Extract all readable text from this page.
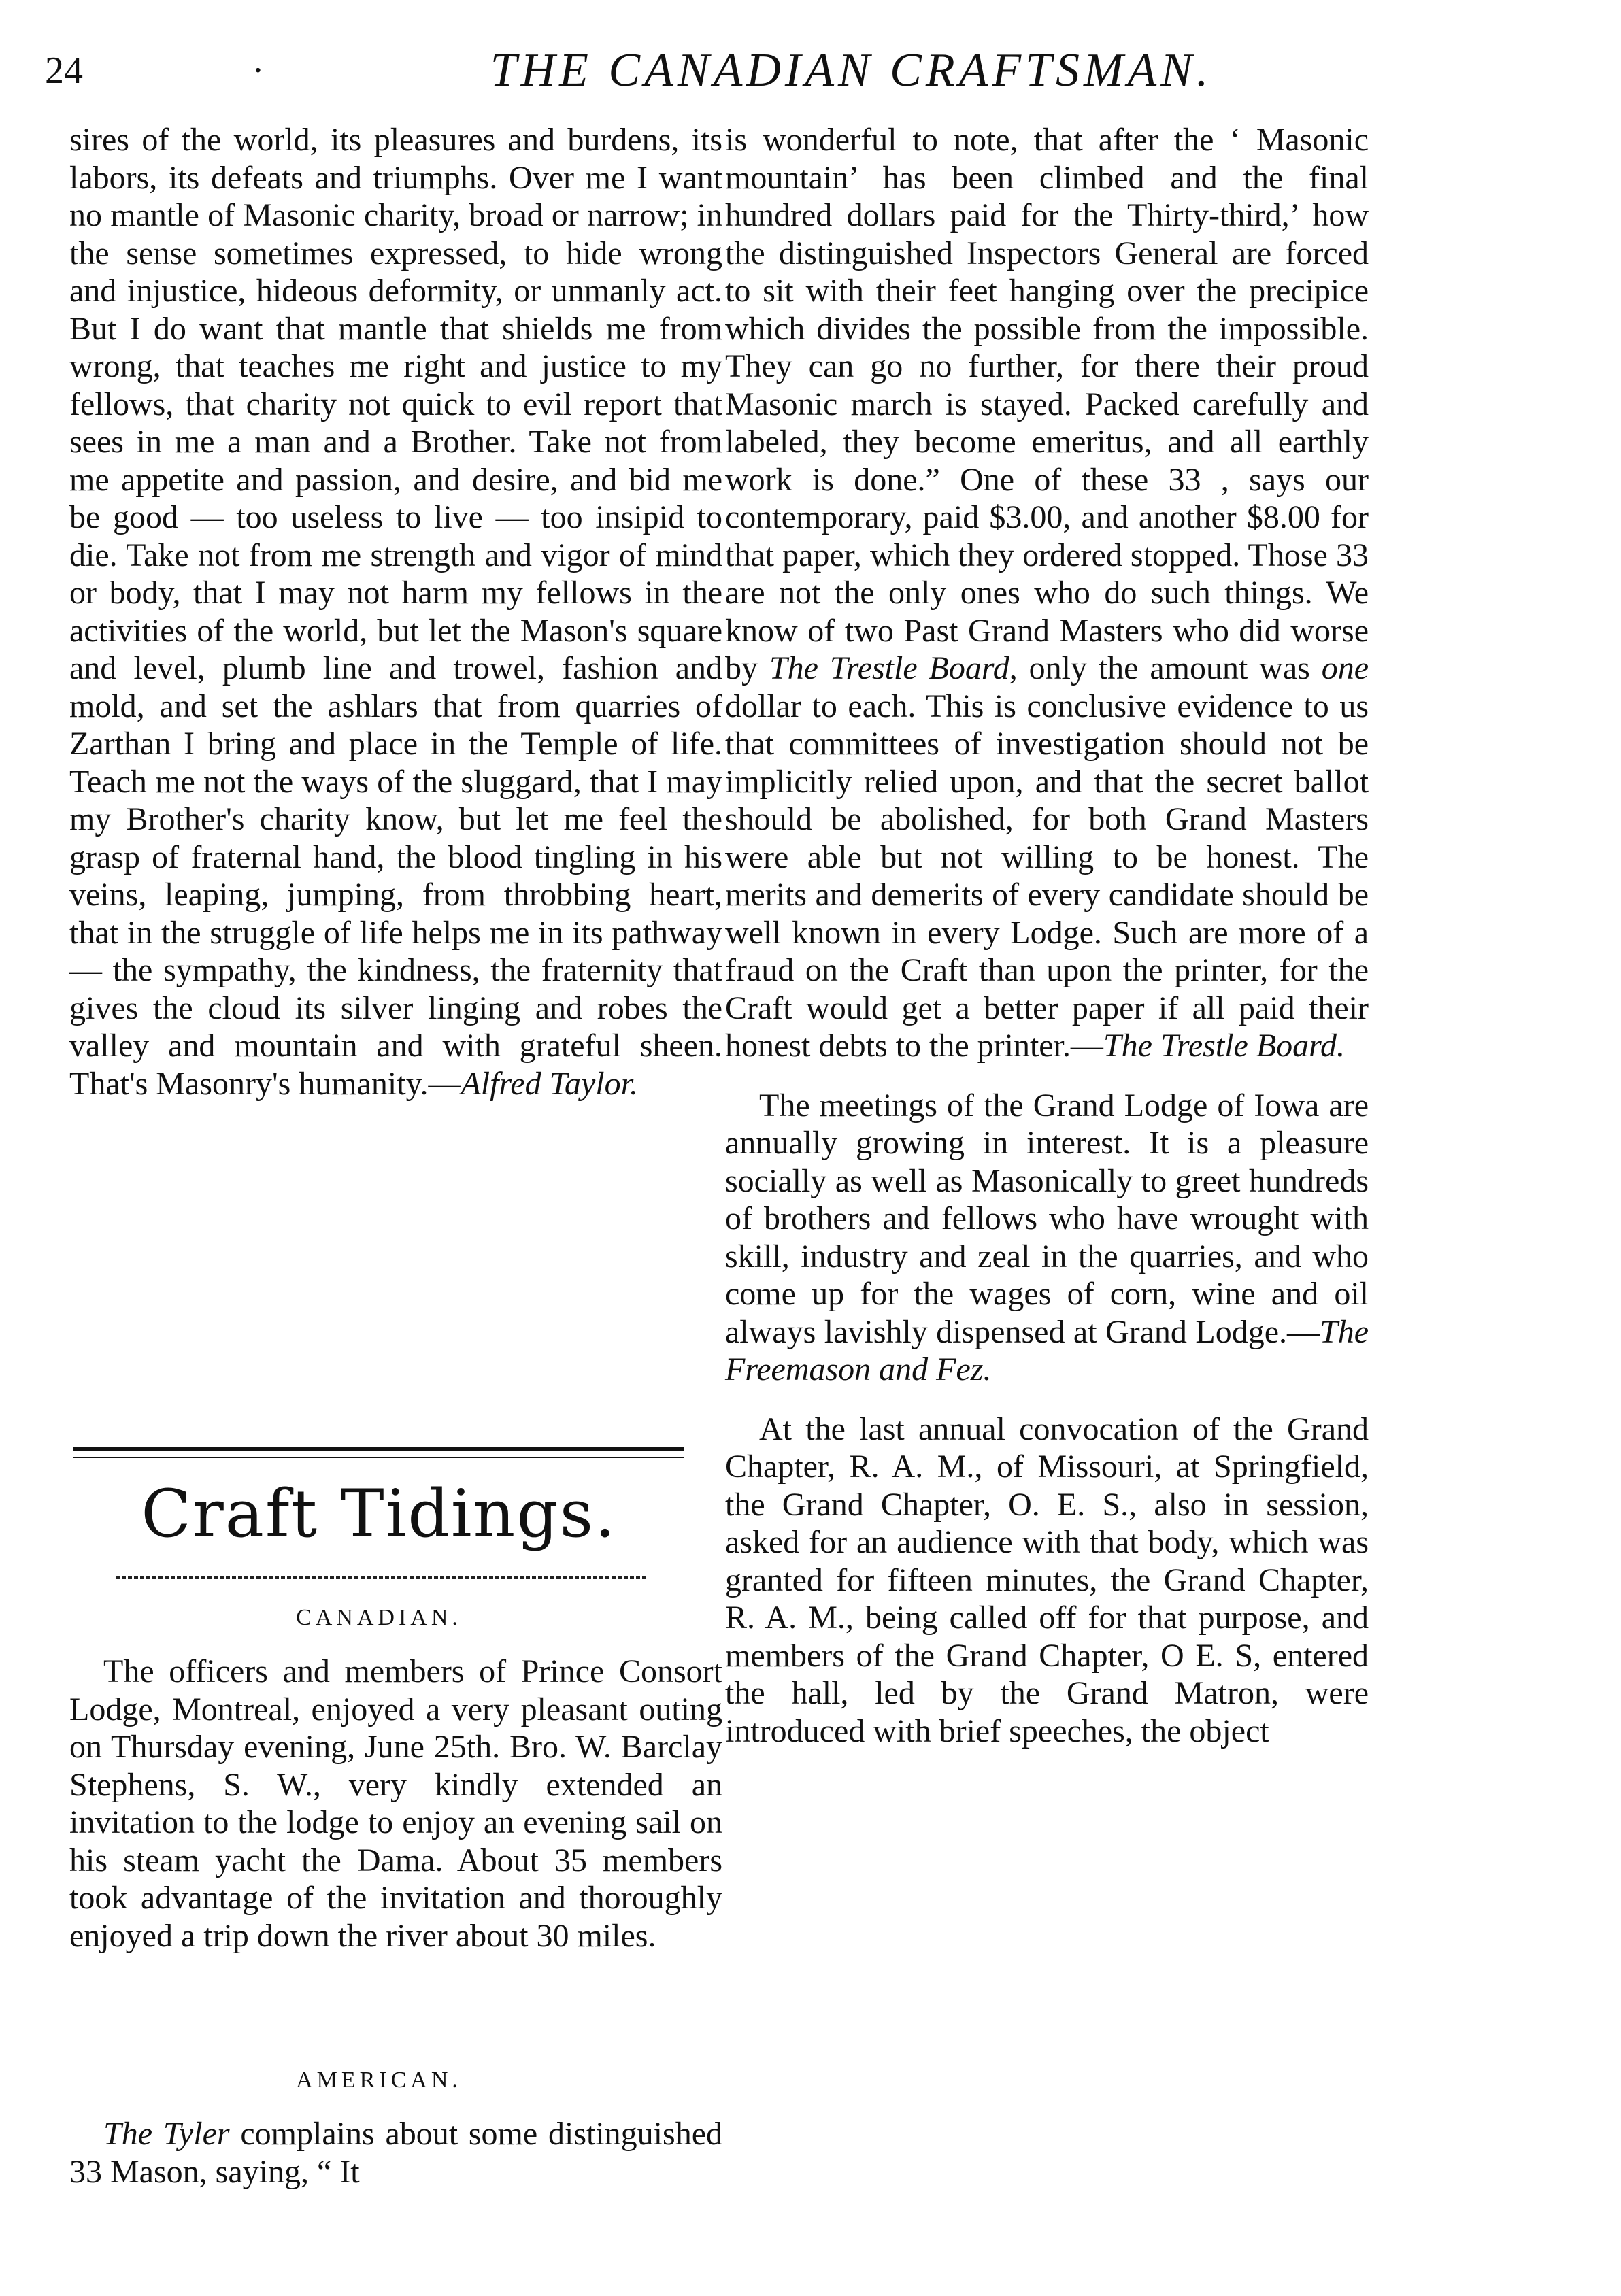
24	·	THE CANADIAN CRAFTSMAN.

sires of the world, its pleasures and burdens, its labors, its defeats and triumphs. Over me I want no mantle of Masonic charity, broad or narrow; in the sense sometimes expressed, to hide wrong and injustice, hideous deformity, or unmanly act. But I do want that mantle that shields me from wrong, that teaches me right and justice to my fellows, that charity not quick to evil report that sees in me a man and a Brother. Take not from me appetite and passion, and desire, and bid me be good — too useless to live — too insipid to die. Take not from me strength and vigor of mind or body, that I may not harm my fellows in the activities of the world, but let the Mason's square and level, plumb line and trowel, fashion and mold, and set the ashlars that from quarries of Zarthan I bring and place in the Temple of life. Teach me not the ways of the sluggard, that I may my Brother's charity know, but let me feel the grasp of fraternal hand, the blood tingling in his veins, leaping, jumping, from throbbing heart, that in the struggle of life helps me in its pathway — the sympathy, the kindness, the fraternity that gives the cloud its silver linging and robes the valley and mountain and with grateful sheen. That's Masonry's humanity.—Alfred Taylor.

Craft Tidings.
CANADIAN.

The officers and members of Prince Consort Lodge, Montreal, enjoyed a very pleasant outing on Thursday evening, June 25th. Bro. W. Barclay Stephens, S. W., very kindly extended an invitation to the lodge to enjoy an evening sail on his steam yacht the Dama. About 35 members took advantage of the invitation and thoroughly enjoyed a trip down the river about 30 miles.

AMERICAN.

The Tyler complains about some distinguished 33 Mason, saying, “ It

is wonderful to note, that after the ‘ Masonic mountain’ has been climbed and the final hundred dollars paid for the Thirty-third,’ how the distinguished Inspectors General are forced to sit with their feet hanging over the precipice which divides the possible from the impossible. They can go no further, for there their proud Masonic march is stayed. Packed carefully and labeled, they become emeritus, and all earthly work is done.” One of these 33 , says our contemporary, paid $3.00, and another $8.00 for that paper, which they ordered stopped. Those 33 are not the only ones who do such things. We know of two Past Grand Masters who did worse by The Trestle Board, only the amount was one dollar to each. This is conclusive evidence to us that committees of investigation should not be implicitly relied upon, and that the secret ballot should be abolished, for both Grand Masters were able but not willing to be honest. The merits and demerits of every candidate should be well known in every Lodge. Such are more of a fraud on the Craft than upon the printer, for the Craft would get a better paper if all paid their honest debts to the printer.—The Trestle Board.

The meetings of the Grand Lodge of Iowa are annually growing in interest. It is a pleasure socially as well as Masonically to greet hundreds of brothers and fellows who have wrought with skill, industry and zeal in the quarries, and who come up for the wages of corn, wine and oil always lavishly dispensed at Grand Lodge.—The Freemason and Fez.

At the last annual convocation of the Grand Chapter, R. A. M., of Missouri, at Springfield, the Grand Chapter, O. E. S., also in session, asked for an audience with that body, which was granted for fifteen minutes, the Grand Chapter, R. A. M., being called off for that purpose, and members of the Grand Chapter, O E. S, entered the hall, led by the Grand Matron, were introduced with brief speeches, the object
